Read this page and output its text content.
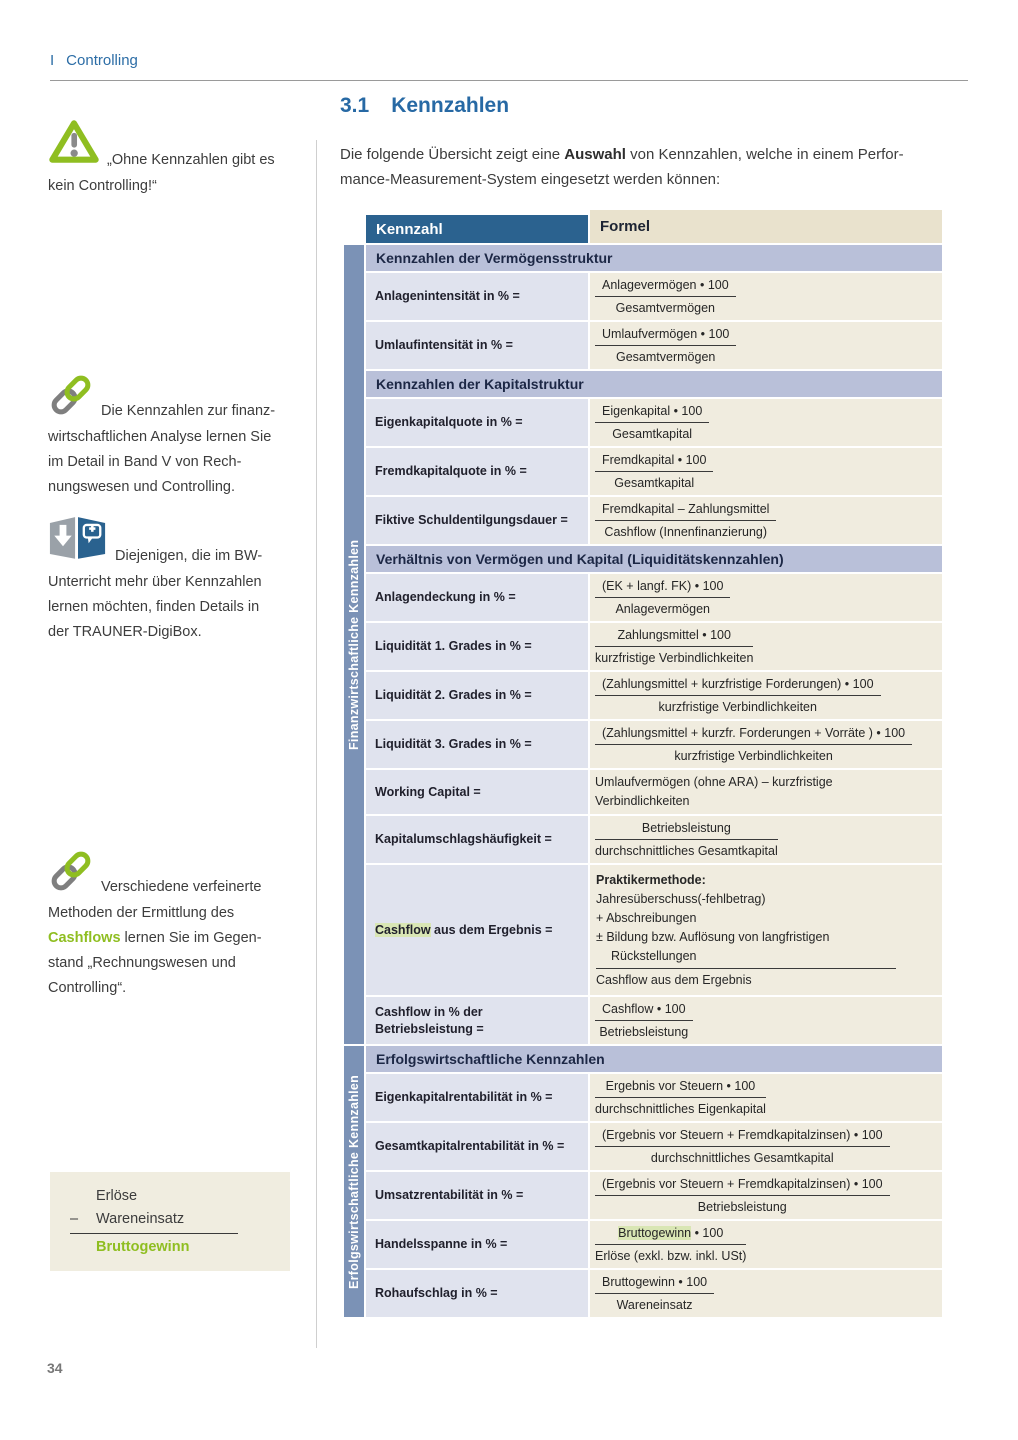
I Controlling
„Ohne Kennzahlen gibt es
kein Controlling!“
Die Kennzahlen zur finanz-
wirtschaftlichen Analyse lernen Sie
im Detail in Band V von Rech-
nungswesen und Controlling.
Diejenigen, die im BW-
Unterricht mehr über Kennzahlen
lernen möchten, finden Details in
der TRAUNER-DigiBox.
Verschiedene verfeinerte
Methoden der Ermittlung des
Cashflows lernen Sie im Gegen-
stand „Rechnungswesen und
Controlling“.
Erlöse
–	Wareneinsatz
Bruttogewinn
34
3.1 Kennzahlen
Die folgende Übersicht zeigt eine Auswahl von Kennzahlen, welche in einem Perfor-
mance-Measurement-System eingesetzt werden können:
Kennzahl	Formel
Finanzwirtschaftliche Kennzahlen
Erfolgswirtschaftliche Kennzahlen
Kennzahlen der Vermögensstruktur
Anlagenintensität in % =	$\frac{\text{Anlagevermögen • 100}}{\text{Gesamtvermögen}}$
Umlaufintensität in % =	$\frac{\text{Umlaufvermögen • 100}}{\text{Gesamtvermögen}}$
Kennzahlen der Kapitalstruktur
Eigenkapitalquote in % =	$\frac{\text{Eigenkapital • 100}}{\text{Gesamtkapital}}$
Fremdkapitalquote in % =	$\frac{\text{Fremdkapital • 100}}{\text{Gesamtkapital}}$
Fiktive Schuldentilgungsdauer = $\frac{\text{Fremdkapital – Zahlungsmittel}}{\text{Cashflow (Innenfinanzierung)}}$
Verhältnis von Vermögen und Kapital (Liquiditätskennzahlen)
Anlagendeckung in % =	$\frac{\text{(EK + langf. FK) • 100}}{\text{Anlagevermögen}}$
Liquidität 1. Grades in % =	$\frac{\text{Zahlungsmittel • 100}}{\text{kurzfristige Verbindlichkeiten}}$
Liquidität 2. Grades in % =	$\frac{\text{(Zahlungsmittel + kurzfristige Forderungen) • 100}}{\text{kurzfristige Verbindlichkeiten}}$
Liquidität 3. Grades in % =	$\frac{\text{(Zahlungsmittel + kurzfr. Forderungen + Vorräte ) • 100}}{\text{kurzfristige Verbindlichkeiten}}$
Working Capital =
Umlaufvermögen (ohne ARA) – kurzfristige
Verbindlichkeiten
Kapitalumschlagshäufigkeit =	$\frac{\text{Betriebsleistung}}{\text{durchschnittliches Gesamtkapital}}$
Cashflow aus dem Ergebnis =
Praktikermethode:
Jahresüberschuss(-fehlbetrag)
+ Abschreibungen
± Bildung bzw. Auflösung von langfristigen
Rückstellungen
Cashflow aus dem Ergebnis
Cashflow in % der Betriebsleistung =	$\frac{\text{Cashflow • 100}}{\text{Betriebsleistung}}$
Erfolgswirtschaftliche Kennzahlen
Eigenkapitalrentabilität in % =	$\frac{\text{Ergebnis vor Steuern • 100}}{\text{durchschnittliches Eigenkapital}}$
Gesamtkapitalrentabilität in % = $\frac{\text{(Ergebnis vor Steuern + Fremdkapitalzinsen) • 100}}{\text{durchschnittliches Gesamtkapital}}$
Umsatzrentabilität in % =	$\frac{\text{(Ergebnis vor Steuern + Fremdkapitalzinsen) • 100}}{\text{Betriebsleistung}}$
Handelsspanne in % =	$\frac{\text{Bruttogewinn • 100}}{\text{Erlöse (exkl. bzw. inkl. USt)}}$
Rohaufschlag in % =	$\frac{\text{Bruttogewinn • 100}}{\text{Wareneinsatz}}$
